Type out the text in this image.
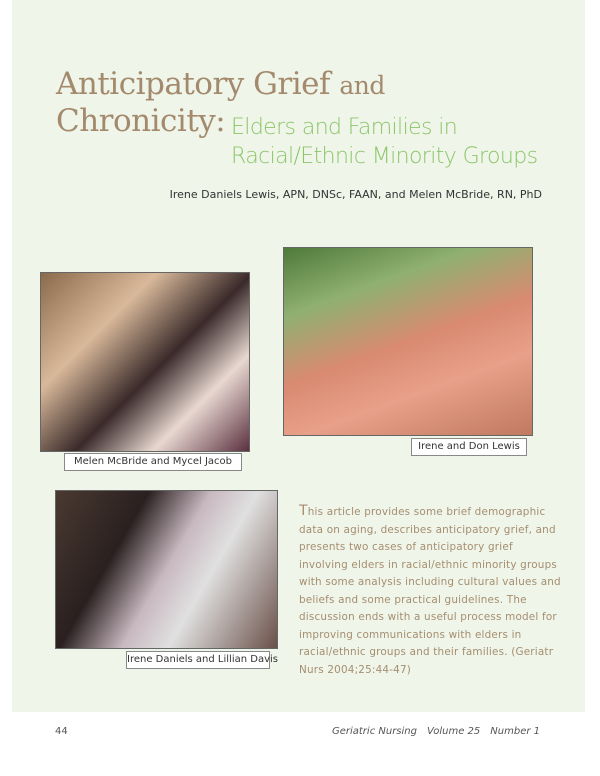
Anticipatory Grief and
Chronicity: Elders and Families in
Racial/Ethnic Minority Groups
Irene Daniels Lewis, APN, DNSc, FAAN, and Melen McBride, RN, PhD
Melen McBride and Mycel Jacob
Irene and Don Lewis
Irene Daniels and Lillian Davis
This article provides some brief demographic data on aging, describes anticipatory grief, and presents two cases of anticipatory grief involving elders in racial/ethnic minority groups with some analysis including cultural values and beliefs and some practical guidelines. The discussion ends with a useful process model for improving communications with elders in racial/ethnic groups and their families. (Geriatr Nurs 2004;25:44-47)
44	Geriatric Nursing Volume 25 Number 1
